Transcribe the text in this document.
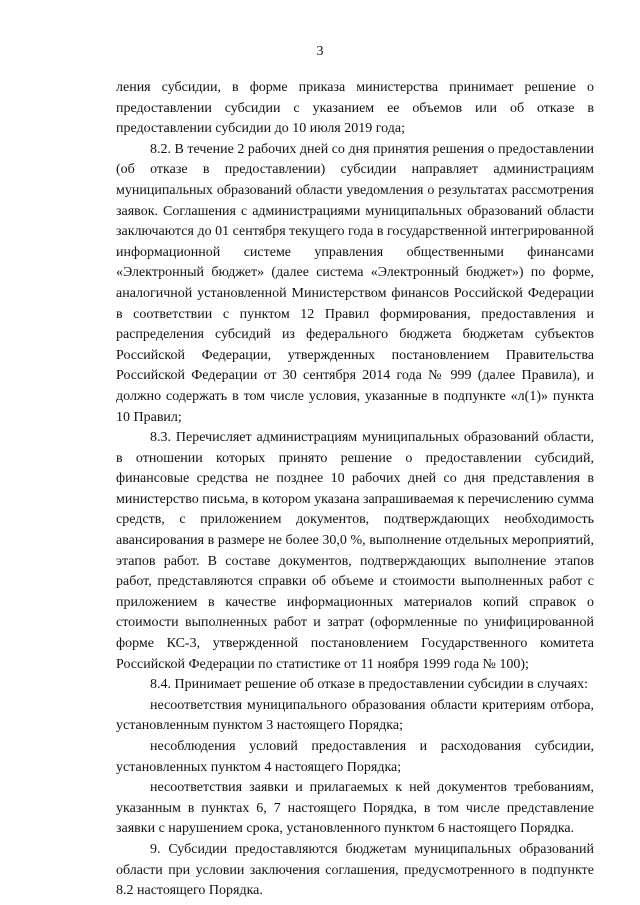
3

ления субсидии, в форме приказа министерства принимает решение о предоставлении субсидии с указанием ее объемов или об отказе в предоставлении субсидии до 10 июля 2019 года;

8.2. В течение 2 рабочих дней со дня принятия решения о предоставлении (об отказе в предоставлении) субсидии направляет администрациям муниципальных образований области уведомления о результатах рассмотрения заявок. Соглашения с администрациями муниципальных образований области заключаются до 01 сентября текущего года в государственной интегрированной информационной системе управления общественными финансами «Электронный бюджет» (далее система «Электронный бюджет») по форме, аналогичной установленной Министерством финансов Российской Федерации в соответствии с пунктом 12 Правил формирования, предоставления и распределения субсидий из федерального бюджета бюджетам субъектов Российской Федерации, утвержденных постановлением Правительства Российской Федерации от 30 сентября 2014 года № 999 (далее Правила), и должно содержать в том числе условия, указанные в подпункте «л(1)» пункта 10 Правил;

8.3. Перечисляет администрациям муниципальных образований области, в отношении которых принято решение о предоставлении субсидий, финансовые средства не позднее 10 рабочих дней со дня представления в министерство письма, в котором указана запрашиваемая к перечислению сумма средств, с приложением документов, подтверждающих необходимость авансирования в размере не более 30,0 %, выполнение отдельных мероприятий, этапов работ. В составе документов, подтверждающих выполнение этапов работ, представляются справки об объеме и стоимости выполненных работ с приложением в качестве информационных материалов копий справок о стоимости выполненных работ и затрат (оформленные по унифицированной форме КС-3, утвержденной постановлением Государственного комитета Российской Федерации по статистике от 11 ноября 1999 года № 100);

8.4. Принимает решение об отказе в предоставлении субсидии в случаях:

несоответствия муниципального образования области критериям отбора, установленным пунктом 3 настоящего Порядка;

несоблюдения условий предоставления и расходования субсидии, установленных пунктом 4 настоящего Порядка;

несоответствия заявки и прилагаемых к ней документов требованиям, указанным в пунктах 6, 7 настоящего Порядка, в том числе представление заявки с нарушением срока, установленного пунктом 6 настоящего Порядка.

9. Субсидии предоставляются бюджетам муниципальных образований области при условии заключения соглашения, предусмотренного в подпункте 8.2 настоящего Порядка.
